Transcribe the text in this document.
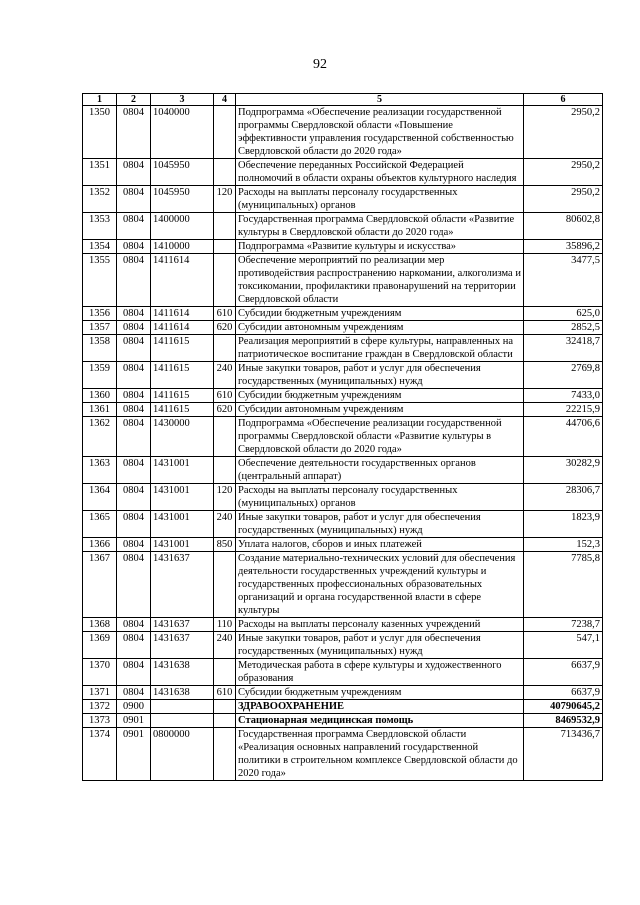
92
1	2	3	4	5	6
1350	0804	1040000		Подпрограмма «Обеспечение реализации государственной программы Свердловской области «Повышение эффективности управления государственной собственностью Свердловской области до 2020 года»	2950,2
1351	0804	1045950		Обеспечение переданных Российской Федерацией полномочий в области охраны объектов культурного наследия	2950,2
1352	0804	1045950	120	Расходы на выплаты персоналу государственных (муниципальных) органов	2950,2
1353	0804	1400000		Государственная программа Свердловской области «Развитие культуры в Свердловской области до 2020 года»	80602,8
1354	0804	1410000		Подпрограмма «Развитие культуры и искусства»	35896,2
1355	0804	1411614		Обеспечение мероприятий по реализации мер противодействия распространению наркомании, алкоголизма и токсикомании, профилактики правонарушений на территории Свердловской области	3477,5
1356	0804	1411614	610	Субсидии бюджетным учреждениям	625,0
1357	0804	1411614	620	Субсидии автономным учреждениям	2852,5
1358	0804	1411615		Реализация мероприятий в сфере культуры, направленных на патриотическое воспитание граждан в Свердловской области	32418,7
1359	0804	1411615	240	Иные закупки товаров, работ и услуг для обеспечения государственных (муниципальных) нужд	2769,8
1360	0804	1411615	610	Субсидии бюджетным учреждениям	7433,0
1361	0804	1411615	620	Субсидии автономным учреждениям	22215,9
1362	0804	1430000		Подпрограмма «Обеспечение реализации государственной программы Свердловской области «Развитие культуры в Свердловской области до 2020 года»	44706,6
1363	0804	1431001		Обеспечение деятельности государственных органов (центральный аппарат)	30282,9
1364	0804	1431001	120	Расходы на выплаты персоналу государственных (муниципальных) органов	28306,7
1365	0804	1431001	240	Иные закупки товаров, работ и услуг для обеспечения государственных (муниципальных) нужд	1823,9
1366	0804	1431001	850	Уплата налогов, сборов и иных платежей	152,3
1367	0804	1431637		Создание материально-технических условий для обеспечения деятельности государственных учреждений культуры и государственных профессиональных образовательных организаций и органа государственной власти в сфере культуры	7785,8
1368	0804	1431637	110	Расходы на выплаты персоналу казенных учреждений	7238,7
1369	0804	1431637	240	Иные закупки товаров, работ и услуг для обеспечения государственных (муниципальных) нужд	547,1
1370	0804	1431638		Методическая работа в сфере культуры и художественного образования	6637,9
1371	0804	1431638	610	Субсидии бюджетным учреждениям	6637,9
1372	0900			ЗДРАВООХРАНЕНИЕ	40790645,2
1373	0901			Стационарная медицинская помощь	8469532,9
1374	0901	0800000		Государственная программа Свердловской области «Реализация основных направлений государственной политики в строительном комплексе Свердловской области до 2020 года»	713436,7
